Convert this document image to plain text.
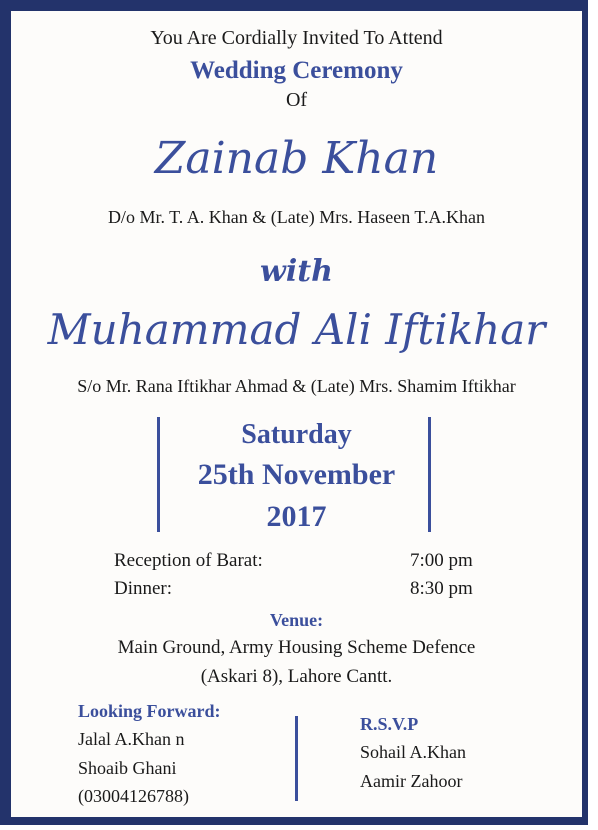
You Are Cordially Invited To Attend
Wedding Ceremony
Of
Zainab Khan
D/o Mr. T. A. Khan & (Late) Mrs. Haseen T.A.Khan
with
Muhammad Ali Iftikhar
S/o Mr. Rana Iftikhar Ahmad & (Late) Mrs. Shamim Iftikhar
Saturday
25th November
2017
Reception of Barat:	7:00 pm
Dinner:	8:30 pm
Venue:
Main Ground, Army Housing Scheme Defence
(Askari 8), Lahore Cantt.
Looking Forward:
Jalal A.Khan n
Shoaib Ghani
(03004126788)
R.S.V.P
Sohail A.Khan
Aamir Zahoor
